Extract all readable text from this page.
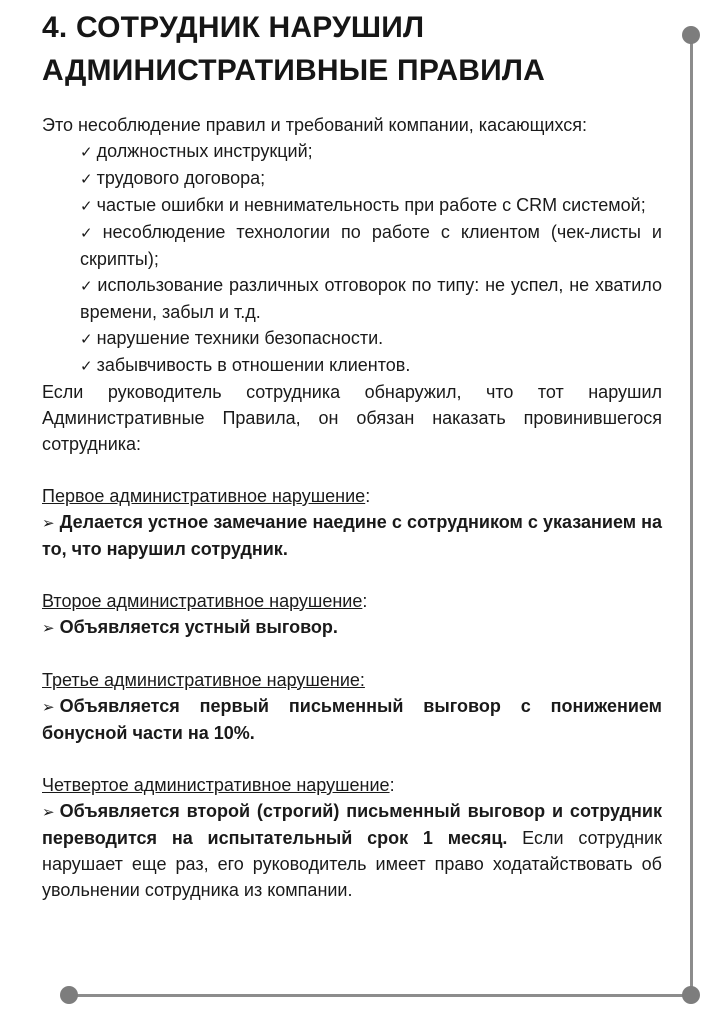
4. СОТРУДНИК НАРУШИЛ
АДМИНИСТРАТИВНЫЕ ПРАВИЛА

Это несоблюдение правил и требований компании, касающихся:

✓ должностных инструкций;
✓ трудового договора;
✓ частые ошибки и невнимательность при работе с CRM системой;
✓ несоблюдение технологии по работе с клиентом (чек-листы и скрипты);
✓ использование различных отговорок по типу: не успел, не хватило времени, забыл и т.д.
✓ нарушение техники безопасности.
✓ забывчивость в отношении клиентов.

Если руководитель сотрудника обнаружил, что тот нарушил Административные Правила, он обязан наказать провинившегося сотрудника:

Первое административное нарушение:

➢ Делается устное замечание наедине с сотрудником с указанием на то, что нарушил сотрудник.

Второе административное нарушение:

➢ Объявляется устный выговор.

Третье административное нарушение:

➢ Объявляется первый письменный выговор с понижением бонусной части на 10%.

Четвертое административное нарушение:

➢ Объявляется второй (строгий) письменный выговор и сотрудник переводится на испытательный срок 1 месяц. Если сотрудник нарушает еще раз, его руководитель имеет право ходатайствовать об увольнении сотрудника из компании.
